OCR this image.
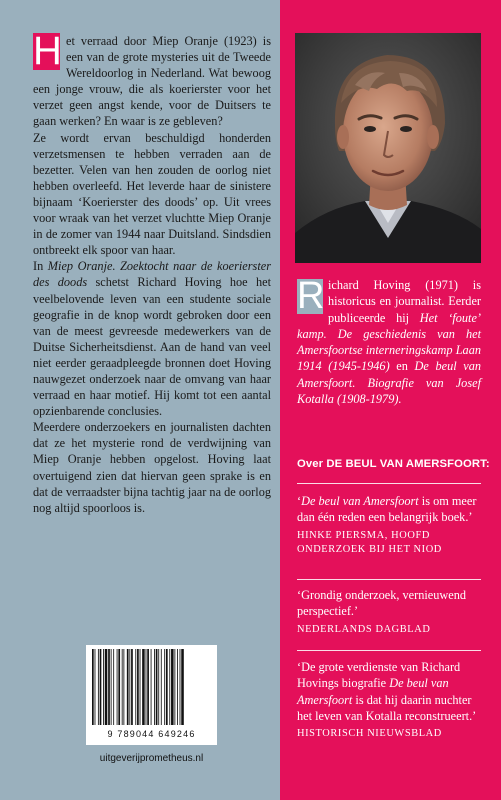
H et verraad door Miep Oranje (1923) is een van de grote mysteries uit de Tweede Wereldoorlog in Nederland. Wat bewoog een jonge vrouw, die als koerierster voor het verzet geen angst kende, voor de Duitsers te gaan werken? En waar is ze gebleven?

Ze wordt ervan beschuldigd honderden verzetsmensen te hebben verraden aan de bezetter. Velen van hen zouden de oorlog niet hebben overleefd. Het leverde haar de sinistere bijnaam ‘Koerierster des doods’ op. Uit vrees voor wraak van het verzet vluchtte Miep Oranje in de zomer van 1944 naar Duitsland. Sindsdien ontbreekt elk spoor van haar.

In Miep Oranje. Zoektocht naar de koerierster des doods schetst Richard Hoving hoe het veelbelovende leven van een studente sociale geografie in de knop wordt gebroken door een van de meest gevreesde medewerkers van de Duitse Sicherheitsdienst. Aan de hand van veel niet eerder geraadpleegde bronnen doet Hoving nauwgezet onderzoek naar de omvang van haar verraad en haar motief. Hij komt tot een aantal opzienbarende conclusies.

Meerdere onderzoekers en journalisten dachten dat ze het mysterie rond de verdwijning van Miep Oranje hebben opgelost. Hoving laat overtuigend zien dat hiervan geen sprake is en dat de verraadster bijna tachtig jaar na de oorlog nog altijd spoorloos is.

9 789044 649246
uitgeverijprometheus.nl

R ichard Hoving (1971) is historicus en journalist. Eerder publiceerde hij Het ‘foute’ kamp. De geschiedenis van het Amersfoortse interneringskamp Laan 1914 (1945-1946) en De beul van Amersfoort. Biografie van Josef Kotalla (1908-1979).

Over DE BEUL VAN AMERSFOORT:
‘De beul van Amersfoort is om meer dan één reden een belangrijk boek.’
HINKE PIERSMA, HOOFD ONDERZOEK BIJ HET NIOD
‘Grondig onderzoek, vernieuwend perspectief.’
NEDERLANDS DAGBLAD
‘De grote verdienste van Richard Hovings biografie De beul van Amersfoort is dat hij daarin nuchter het leven van Kotalla reconstrueert.’
HISTORISCH NIEUWSBLAD
